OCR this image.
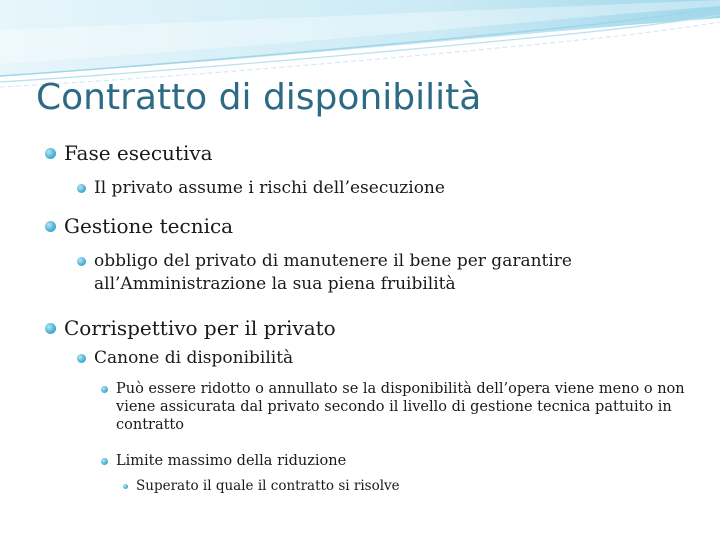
Contratto di disponibilità
Fase esecutiva
Il privato assume i rischi dell’esecuzione
Gestione tecnica
obbligo del privato di manutenere il bene per garantire all’Amministrazione la sua piena fruibilità
Corrispettivo per il privato
Canone di disponibilità
Può essere ridotto o annullato se la disponibilità dell’opera viene meno o non viene assicurata dal privato secondo il livello di gestione tecnica pattuito in contratto
Limite massimo della riduzione
Superato il quale il contratto si risolve
